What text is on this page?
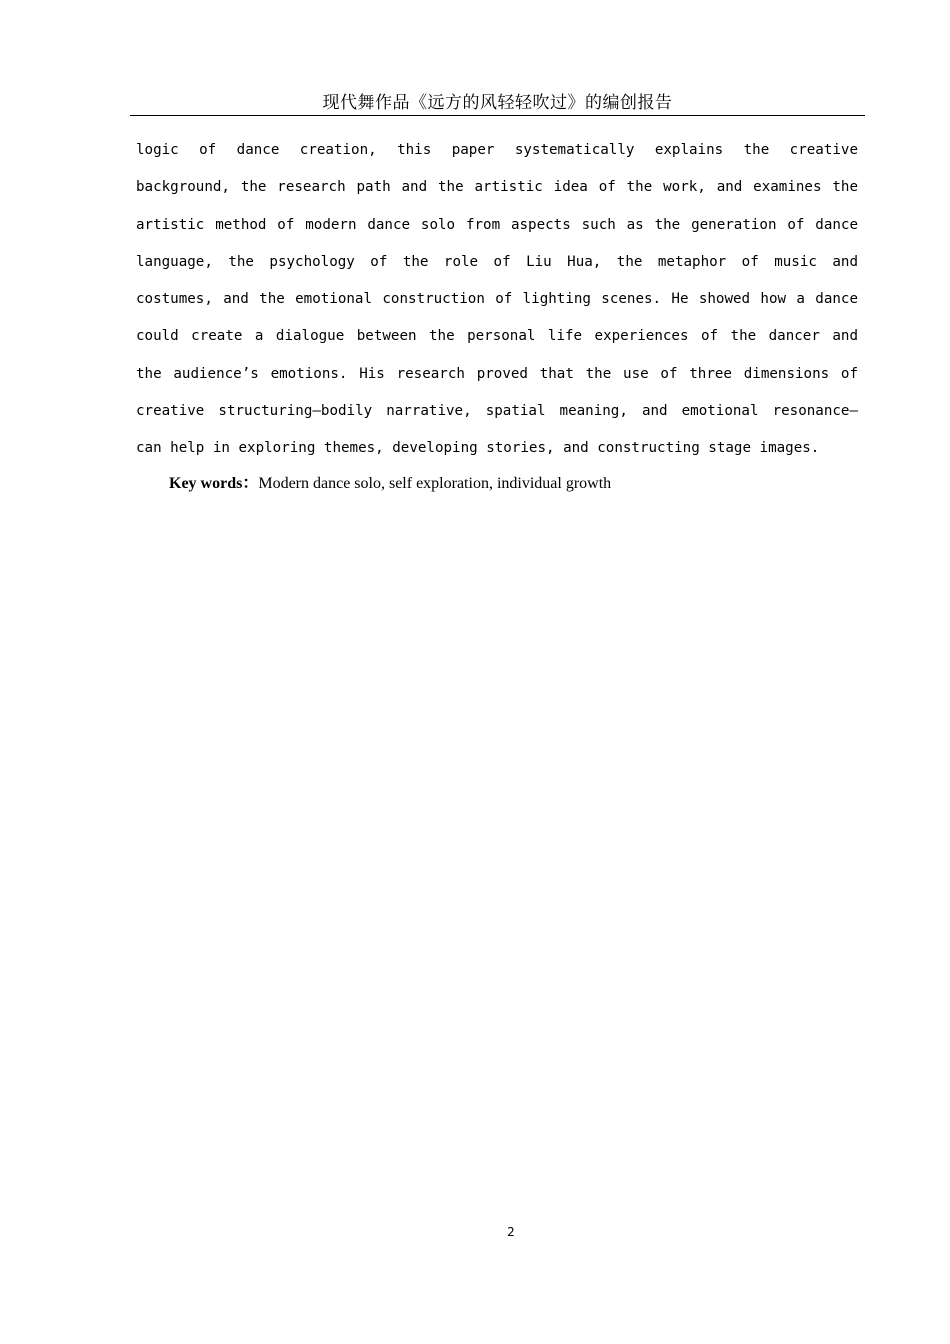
现代舞作品《远方的风轻轻吹过》的编创报告
logic of dance creation, this paper systematically explains the creative
background, the research path and the artistic idea of the work, and examines the
artistic method of modern dance solo from aspects such as the generation of dance
language, the psychology of the role of Liu Hua, the metaphor of music and
costumes, and the emotional construction of lighting scenes. He showed how a dance
could create a dialogue between the personal life experiences of the dancer and
the audience’s emotions. His research proved that the use of three dimensions of
creative structuring—bodily narrative, spatial meaning, and emotional resonance—
can help in exploring themes, developing stories, and constructing stage images.
Key words：Modern dance solo, self exploration, individual growth
2
